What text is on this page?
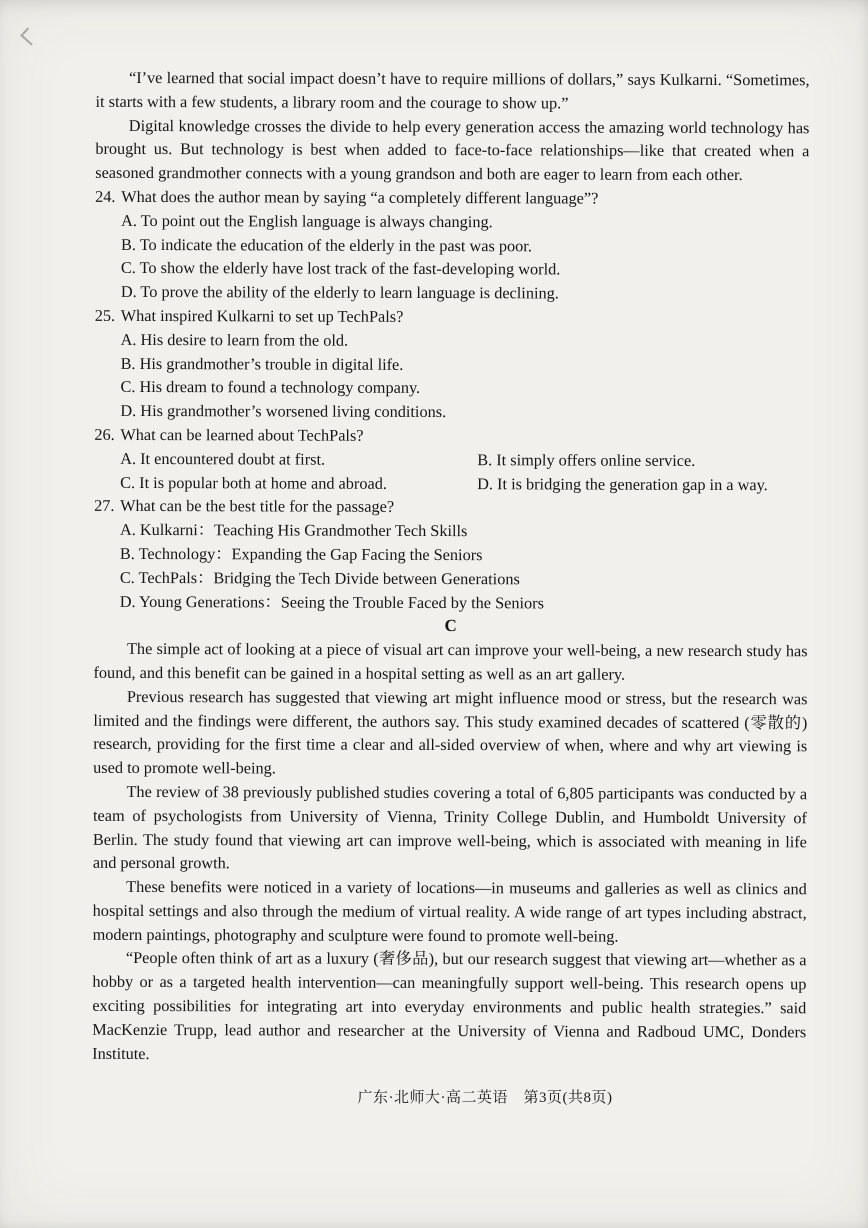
“I’ve learned that social impact doesn’t have to require millions of dollars,” says Kulkarni. “Sometimes, it starts with a few students, a library room and the courage to show up.”

Digital knowledge crosses the divide to help every generation access the amazing world technology has brought us. But technology is best when added to face-to-face relationships—like that created when a seasoned grandmother connects with a young grandson and both are eager to learn from each other.

24. What does the author mean by saying “a completely different language”?

A. To point out the English language is always changing.

B. To indicate the education of the elderly in the past was poor.

C. To show the elderly have lost track of the fast-developing world.

D. To prove the ability of the elderly to learn language is declining.

25. What inspired Kulkarni to set up TechPals?

A. His desire to learn from the old.

B. His grandmother’s trouble in digital life.

C. His dream to found a technology company.

D. His grandmother’s worsened living conditions.

26. What can be learned about TechPals?

A. It encountered doubt at first.	B. It simply offers online service.

C. It is popular both at home and abroad.	D. It is bridging the generation gap in a way.

27. What can be the best title for the passage?

A. Kulkarni：Teaching His Grandmother Tech Skills

B. Technology：Expanding the Gap Facing the Seniors

C. TechPals：Bridging the Tech Divide between Generations

D. Young Generations：Seeing the Trouble Faced by the Seniors

C

The simple act of looking at a piece of visual art can improve your well-being, a new research study has found, and this benefit can be gained in a hospital setting as well as an art gallery.

Previous research has suggested that viewing art might influence mood or stress, but the research was limited and the findings were different, the authors say. This study examined decades of scattered (零散的) research, providing for the first time a clear and all-sided overview of when, where and why art viewing is used to promote well-being.

The review of 38 previously published studies covering a total of 6,805 participants was conducted by a team of psychologists from University of Vienna, Trinity College Dublin, and Humboldt University of Berlin. The study found that viewing art can improve well-being, which is associated with meaning in life and personal growth.

These benefits were noticed in a variety of locations—in museums and galleries as well as clinics and hospital settings and also through the medium of virtual reality. A wide range of art types including abstract, modern paintings, photography and sculpture were found to promote well-being.

“People often think of art as a luxury (奢侈品), but our research suggest that viewing art—whether as a hobby or as a targeted health intervention—can meaningfully support well-being. This research opens up exciting possibilities for integrating art into everyday environments and public health strategies.” said MacKenzie Trupp, lead author and researcher at the University of Vienna and Radboud UMC, Donders Institute.

广东·北师大·高二英语　第3页(共8页)
